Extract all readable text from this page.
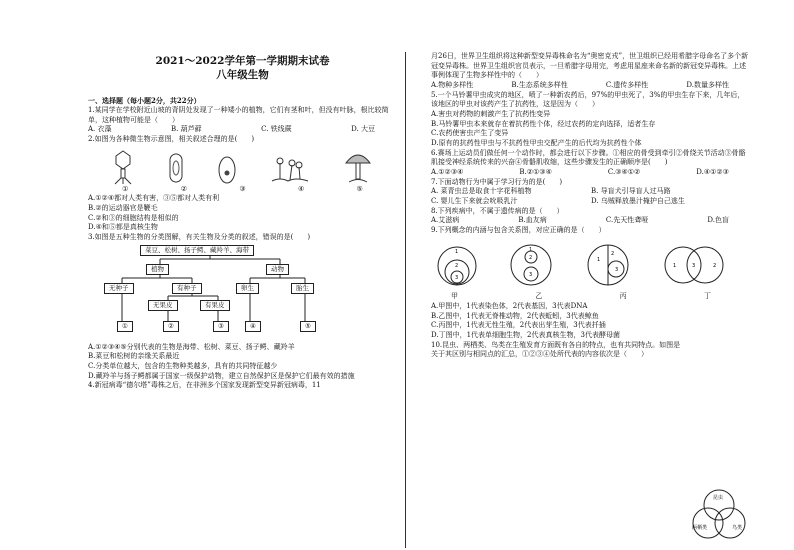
2021～2022学年第一学期期末试卷
八年级生物
一、选择题（每小题2分，共22分）

1.某同学在学校附近山坡的背阴处发现了一种矮小的植物，它们有茎和叶，但没有叶脉，根比较简单，这种植物可能是（　　）

A. 衣藻	B. 葫芦藓	C. 铁线蕨	D. 大豆

2.如图为各种微生物示意图，相关叙述合理的是(　　)

①	②	③	④	⑤

A.①②④都对人类有害，③⑤都对人类有利

B.②的运动器官是鞭毛

C.②和③的细胞结构是相似的

D.④和⑤都是真核生物

3.如图是五种生物的分类图解，有关生物及分类的叙述，错误的是(　　)

菜豆、松树、扬子鳄、藏羚羊、海带
植物	动物
无种子	有种子	卵生	胎生
无果皮	有果皮
①	②	③	④	⑤

A.①②③④⑤分别代表的生物是海带、松树、菜豆、扬子鳄、藏羚羊

B.菜豆和松树的亲缘关系最近

C.分类单位越大，包含的生物种类越多，具有的共同特征越少

D.藏羚羊与扬子鳄都属于国家一级保护动物，建立自然保护区是保护它们最有效的措施

4.新冠病毒“德尔塔”毒株之后，在非洲多个国家发现新型变异新冠病毒，11

月26日，世界卫生组织将这种新型变异毒株命名为“奥密克戎”，世卫组织已经用希腊字母命名了多个新冠变异毒株。世界卫生组织官员表示，一旦希腊字母用完，考虑用星座来命名新的新冠变异毒株。上述事例体现了生物多样性中的（　　）

A.物种多样性	B.生态系统多样性	C.遗传多样性	D.数量多样性

5.一个马铃薯甲虫成灾的地区，喷了一种新农药后，97%的甲虫死了，3%的甲虫生存下来，几年后，该地区的甲虫对该药产生了抗药性，这是因为（　　）

A.害虫对药物的刺激产生了抗药性变异

B.马铃薯甲虫本来就存在着抗药性个体，经过农药的定向选择，适者生存

C.农药使害虫产生了变异

D.原有的抗药性甲虫与不抗药性甲虫交配产生的后代均为抗药性个体

6.赛场上运动员们做任何一个动作时，都会进行以下步骤。①相应的骨受到牵引②骨绕关节活动③骨骼肌接受神经系统传来的兴奋④骨骼肌收缩，这些步骤发生的正确顺序是(　　)

A.①②③④	B.②①③④	C.③④①②	D.④①②③

7.下面动物行为中属于学习行为的是(　　)

A. 菜青虫总是取食十字花科植物	B. 导盲犬引导盲人过马路
C. 婴儿生下来就会吮吸乳汁	D. 乌贼释放墨汁掩护自己逃生

8.下列疾病中，不属于遗传病的是（　　）

A.艾滋病	B.血友病	C.先天性聋哑	D.色盲

9.下列概念的内涵与包含关系图，对应正确的是（　　）

1
2
3
1
2
3
1
2
3
1	3	2
甲	乙	丙	丁

A.甲图中，1代表染色体，2代表基因，3代表DNA

B.乙图中，1代表无脊椎动物，2代表蚯蚓，3代表鲸鱼

C.丙图中，1代表无性生殖，2代表出芽生殖，3代表扦插

D.丁图中，1代表单细胞生物，2代表真核生物，3代表酵母菌

10.昆虫、两栖类、鸟类在生殖发育方面既有各自的特点，也有共同特点。如图是关于其区别与相同点的汇总，①②③④处所代表的内容依次是（　　）

昆虫
两栖类	鸟类
